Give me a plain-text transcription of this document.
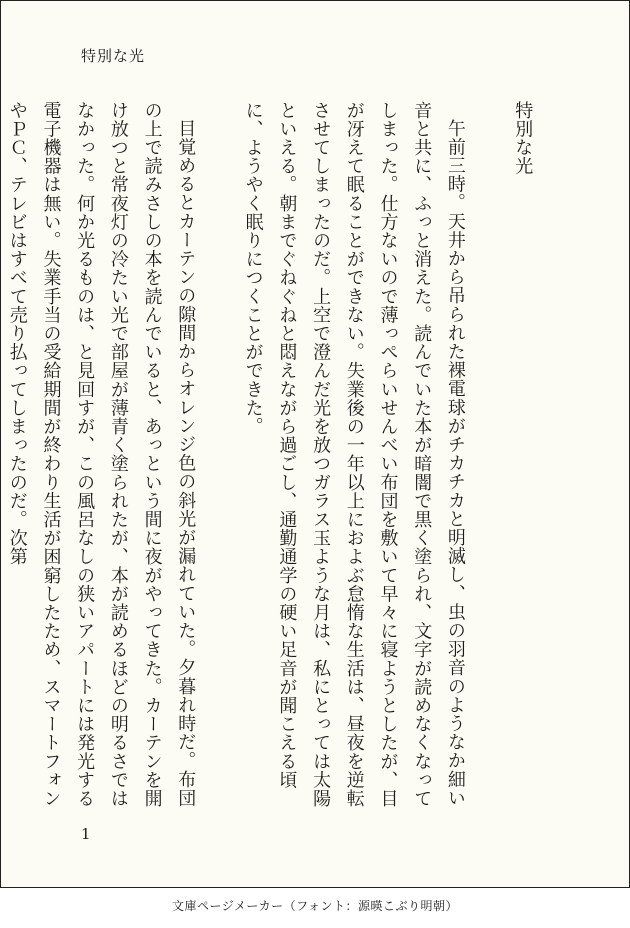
特別な光

特別な光

午前三時。天井から吊られた裸電球がチカチカと明滅し、虫の羽音のようなか細い音と共に、ふっと消えた。読んでいた本が暗闇で黒く塗られ、文字が読めなくなってしまった。仕方ないので薄っぺらいせんべい布団を敷いて早々に寝ようとしたが、目が冴えて眠ることができない。失業後の一年以上におよぶ怠惰な生活は、昼夜を逆転させてしまったのだ。上空で澄んだ光を放つガラス玉ような月は、私にとっては太陽といえる。朝までぐねぐねと悶えながら過ごし、通勤通学の硬い足音が聞こえる頃に、ようやく眠りにつくことができた。

目覚めるとカーテンの隙間からオレンジ色の斜光が漏れていた。夕暮れ時だ。布団の上で読みさしの本を読んでいると、あっという間に夜がやってきた。カーテンを開け放つと常夜灯の冷たい光で部屋が薄青く塗られたが、本が読めるほどの明るさではなかった。何か光るものは、と見回すが、この風呂なしの狭いアパートには発光する電子機器は無い。失業手当の受給期間が終わり生活が困窮したため、スマートフォンやＰＣ、テレビはすべて売り払ってしまったのだ。次第

1
文庫ページメーカー（フォント：源暎こぶり明朝）
